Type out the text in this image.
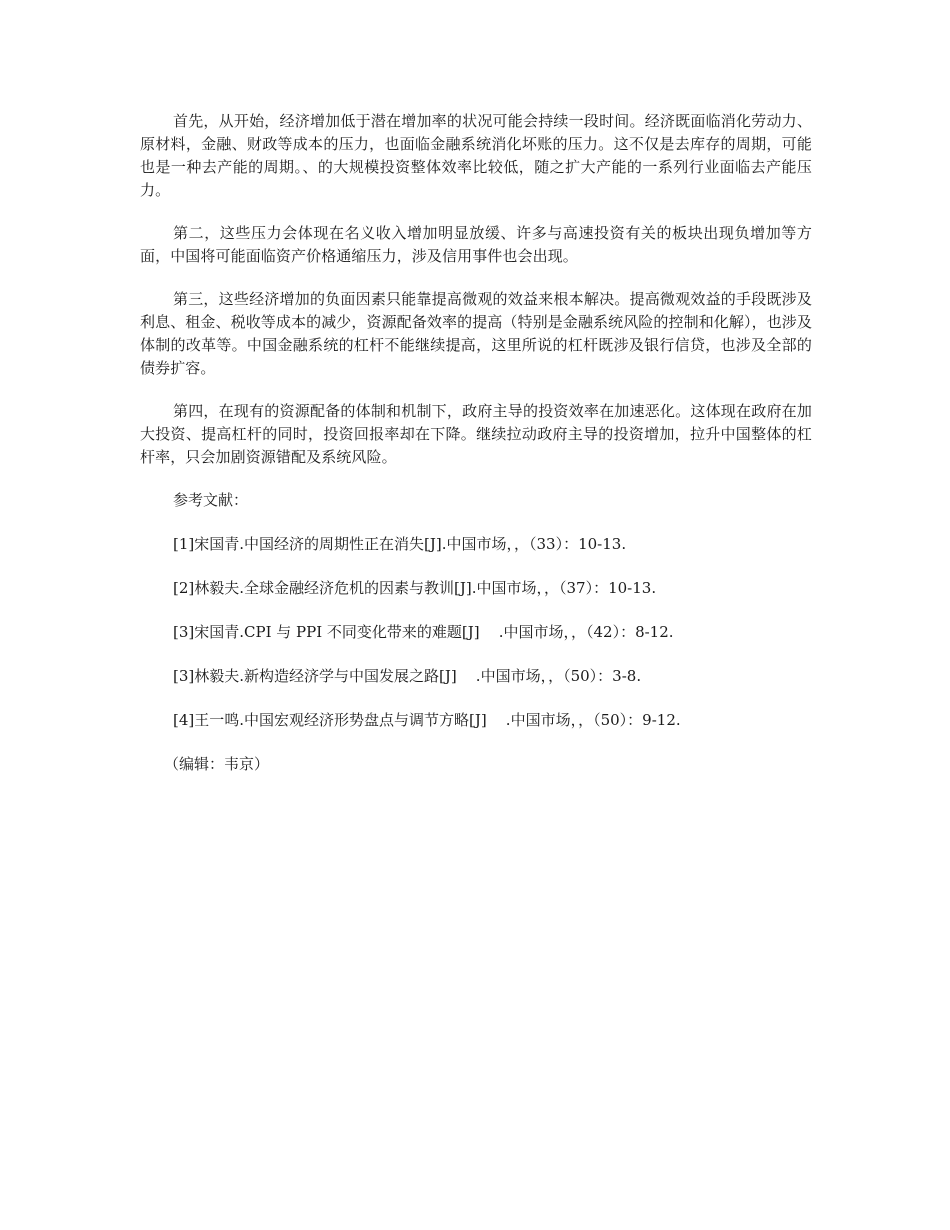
首先，从开始，经济增加低于潜在增加率的状况可能会持续一段时间。经济既面临消化劳动力、原材料，金融、财政等成本的压力，也面临金融系统消化坏账的压力。这不仅是去库存的周期，可能也是一种去产能的周期。、的大规模投资整体效率比较低，随之扩大产能的一系列行业面临去产能压力。

第二，这些压力会体现在名义收入增加明显放缓、许多与高速投资有关的板块出现负增加等方面，中国将可能面临资产价格通缩压力，涉及信用事件也会出现。

第三，这些经济增加的负面因素只能靠提高微观的效益来根本解决。提高微观效益的手段既涉及利息、租金、税收等成本的减少，资源配备效率的提高（特别是金融系统风险的控制和化解），也涉及体制的改革等。中国金融系统的杠杆不能继续提高，这里所说的杠杆既涉及银行信贷，也涉及全部的债券扩容。

第四，在现有的资源配备的体制和机制下，政府主导的投资效率在加速恶化。这体现在政府在加大投资、提高杠杆的同时，投资回报率却在下降。继续拉动政府主导的投资增加，拉升中国整体的杠杆率，只会加剧资源错配及系统风险。

参考文献：

[1]宋国青.中国经济的周期性正在消失[J].中国市场，，（33）：10-13.

[2]林毅夫.全球金融经济危机的因素与教训[J].中国市场，，（37）：10-13.

[3]宋国青.CPI 与 PPI 不同变化带来的难题[J]    .中国市场，，（42）：8-12.

[3]林毅夫.新构造经济学与中国发展之路[J]    .中国市场，，（50）：3-8.

[4]王一鸣.中国宏观经济形势盘点与调节方略[J]    .中国市场，，（50）：9-12.

（编辑：韦京）
